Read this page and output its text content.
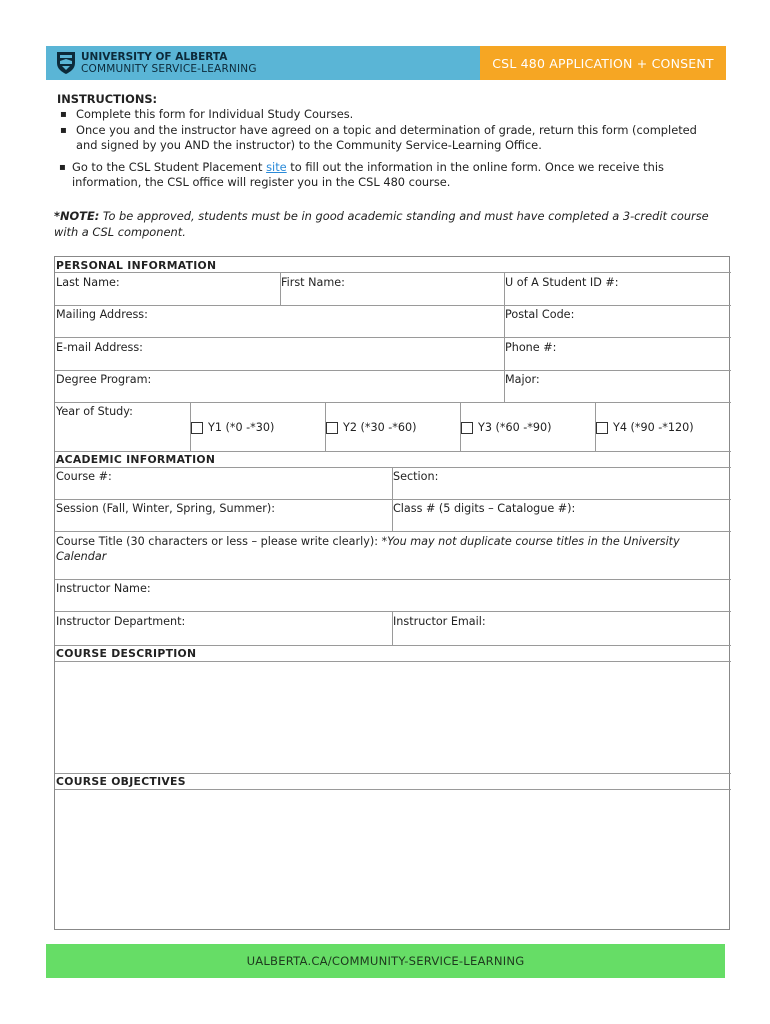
UNIVERSITY OF ALBERTA
COMMUNITY SERVICE-LEARNING	CSL 480 APPLICATION + CONSENT
INSTRUCTIONS:
▪ Complete this form for Individual Study Courses.
▪ Once you and the instructor have agreed on a topic and determination of grade, return this form (completed and signed by you AND the instructor) to the Community Service-Learning Office.
▪ Go to the CSL Student Placement site to fill out the information in the online form. Once we receive this information, the CSL office will register you in the CSL 480 course.
*NOTE: To be approved, students must be in good academic standing and must have completed a 3-credit course with a CSL component.
PERSONAL INFORMATION
Last Name:	First Name:	U of A Student ID #:
Mailing Address:	Postal Code:
E-mail Address:	Phone #:
Degree Program:	Major:
Year of Study:
Y1 (*0 -*30)	Y2 (*30 -*60)	Y3 (*60 -*90)	Y4 (*90 -*120)
ACADEMIC INFORMATION
Course #:	Section:
Session (Fall, Winter, Spring, Summer):	Class # (5 digits – Catalogue #):
Course Title (30 characters or less – please write clearly): *You may not duplicate course titles in the University Calendar
Instructor Name:
Instructor Department:	Instructor Email:
COURSE DESCRIPTION
COURSE OBJECTIVES
UALBERTA.CA/COMMUNITY-SERVICE-LEARNING
